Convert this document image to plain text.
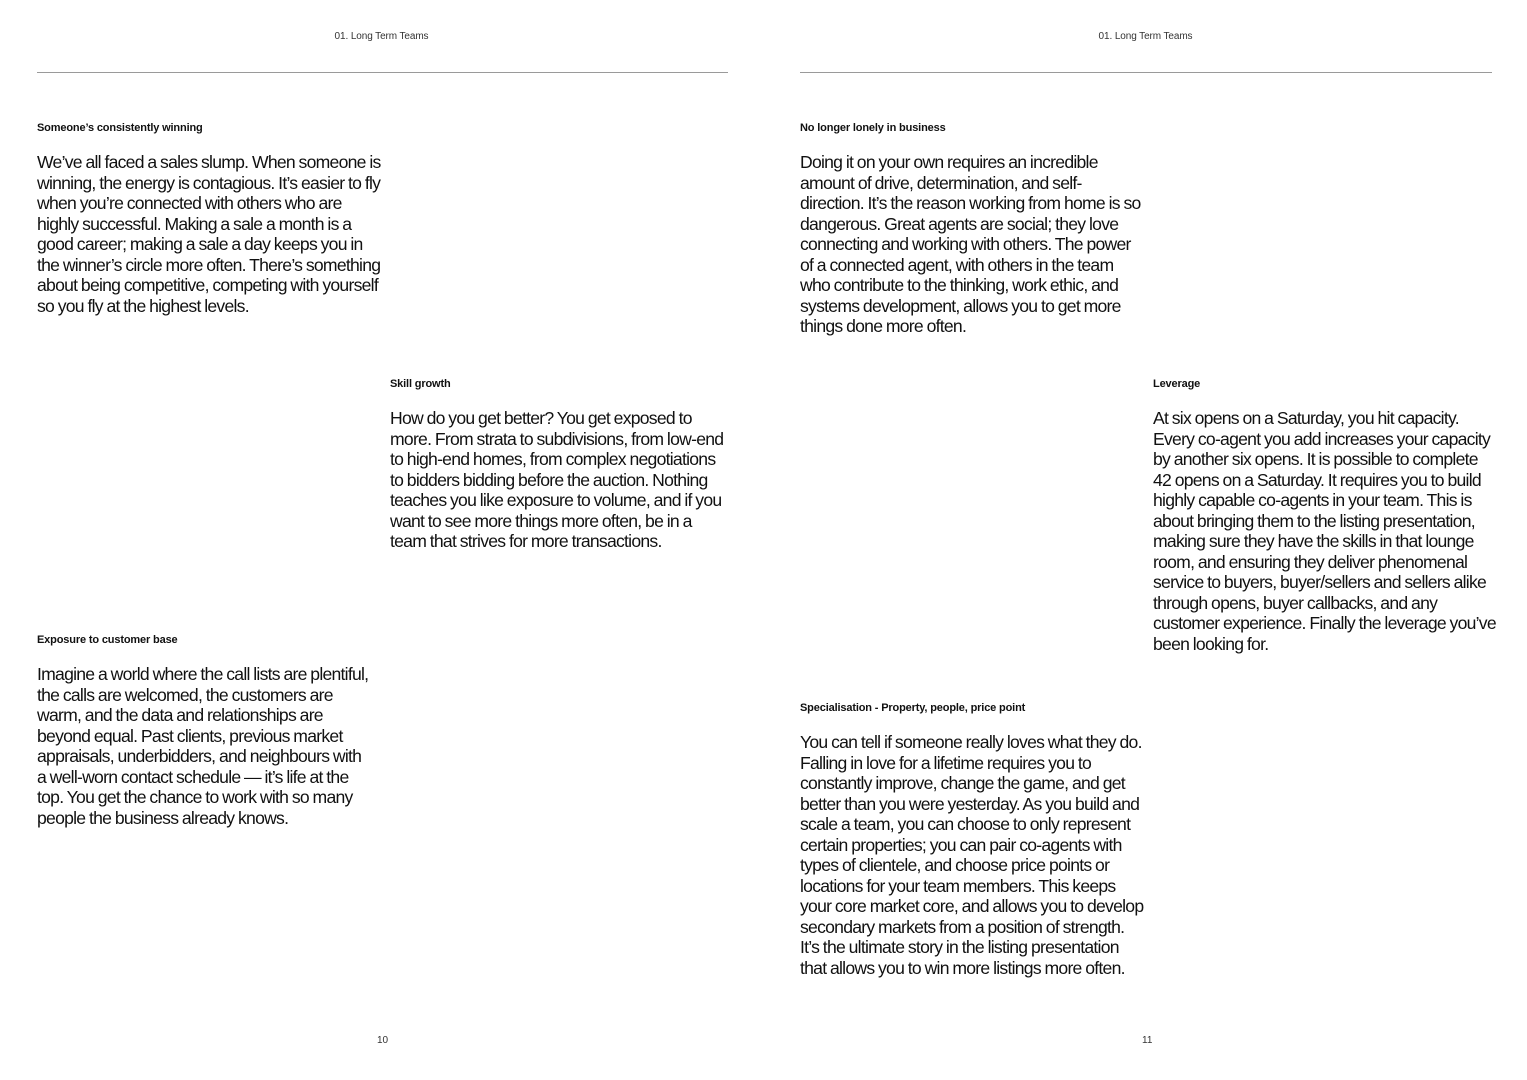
01. Long Term Teams
Someone’s consistently winning

We’ve all faced a sales slump. When someone is winning, the energy is contagious. It’s easier to fly when you’re connected with others who are highly successful. Making a sale a month is a good career; making a sale a day keeps you in the winner’s circle more often. There’s something about being competitive, competing with yourself so you fly at the highest levels.

Skill growth

How do you get better? You get exposed to more. From strata to subdivisions, from low-end to high-end homes, from complex negotiations to bidders bidding before the auction. Nothing teaches you like exposure to volume, and if you want to see more things more often, be in a team that strives for more transactions.

Exposure to customer base

Imagine a world where the call lists are plentiful, the calls are welcomed, the customers are warm, and the data and relationships are beyond equal. Past clients, previous market appraisals, underbidders, and neighbours with a well-worn contact schedule — it’s life at the top. You get the chance to work with so many people the business already knows.

10
01. Long Term Teams
No longer lonely in business

Doing it on your own requires an incredible amount of drive, determination, and self-direction. It’s the reason working from home is so dangerous. Great agents are social; they love connecting and working with others. The power of a connected agent, with others in the team who contribute to the thinking, work ethic, and systems development, allows you to get more things done more often.

Leverage

At six opens on a Saturday, you hit capacity. Every co-agent you add increases your capacity by another six opens. It is possible to complete 42 opens on a Saturday. It requires you to build highly capable co-agents in your team. This is about bringing them to the listing presentation, making sure they have the skills in that lounge room, and ensuring they deliver phenomenal service to buyers, buyer/sellers and sellers alike through opens, buyer callbacks, and any customer experience. Finally the leverage you’ve been looking for.

Specialisation - Property, people, price point

You can tell if someone really loves what they do. Falling in love for a lifetime requires you to constantly improve, change the game, and get better than you were yesterday. As you build and scale a team, you can choose to only represent certain properties; you can pair co-agents with types of clientele, and choose price points or locations for your team members. This keeps your core market core, and allows you to develop secondary markets from a position of strength. It’s the ultimate story in the listing presentation that allows you to win more listings more often.

11
